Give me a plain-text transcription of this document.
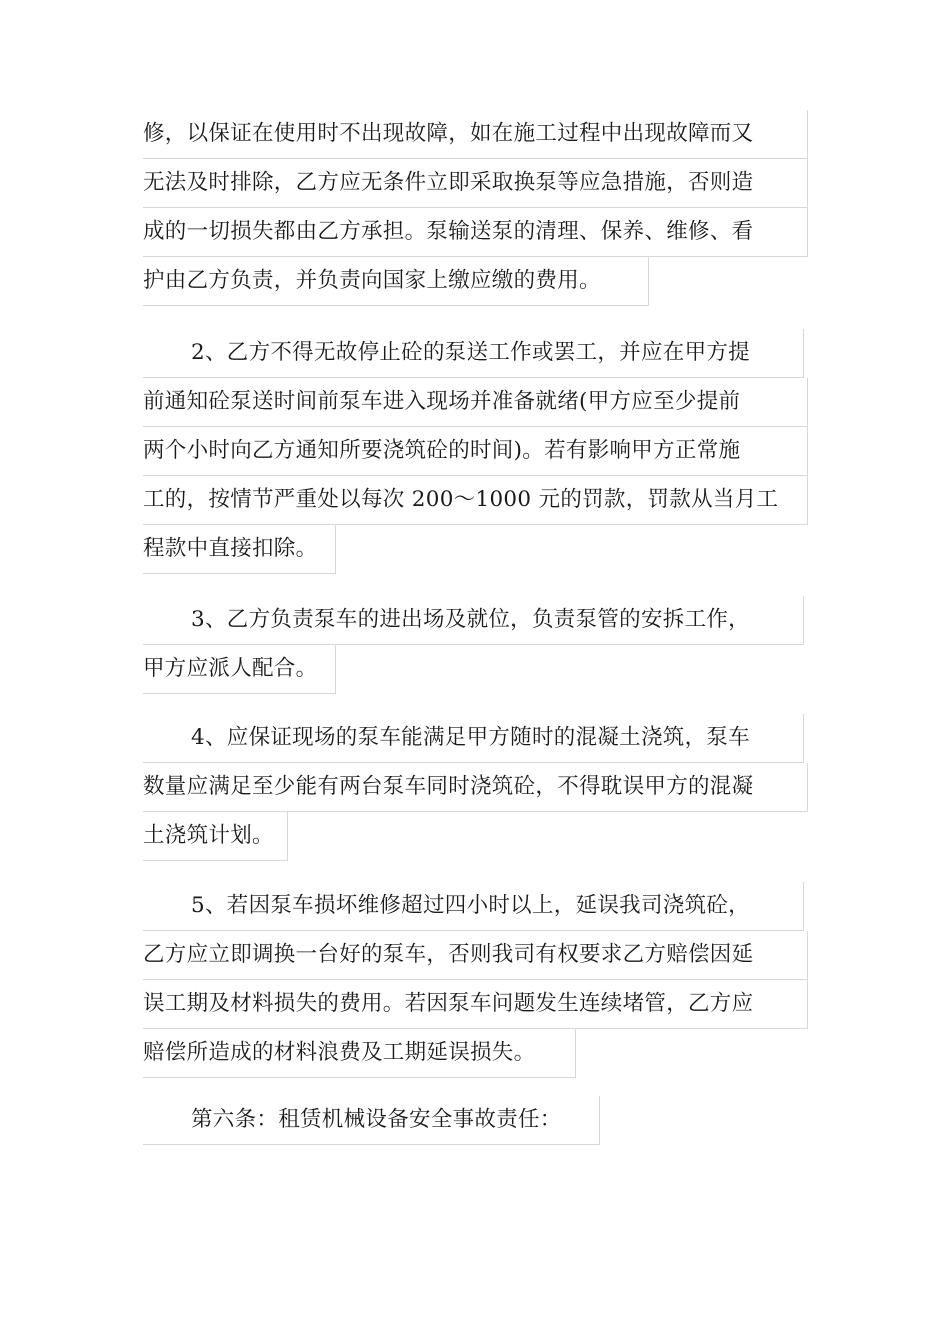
修，以保证在使用时不出现故障，如在施工过程中出现故障而又
无法及时排除，乙方应无条件立即采取换泵等应急措施，否则造
成的一切损失都由乙方承担。泵输送泵的清理、保养、维修、看
护由乙方负责，并负责向国家上缴应缴的费用。
2、乙方不得无故停止砼的泵送工作或罢工，并应在甲方提
前通知砼泵送时间前泵车进入现场并准备就绪(甲方应至少提前
两个小时向乙方通知所要浇筑砼的时间)。若有影响甲方正常施
工的，按情节严重处以每次 200～1000 元的罚款，罚款从当月工
程款中直接扣除。
3、乙方负责泵车的进出场及就位，负责泵管的安拆工作，
甲方应派人配合。
4、应保证现场的泵车能满足甲方随时的混凝土浇筑，泵车
数量应满足至少能有两台泵车同时浇筑砼，不得耽误甲方的混凝
土浇筑计划。
5、若因泵车损坏维修超过四小时以上，延误我司浇筑砼，
乙方应立即调换一台好的泵车，否则我司有权要求乙方赔偿因延
误工期及材料损失的费用。若因泵车问题发生连续堵管，乙方应
赔偿所造成的材料浪费及工期延误损失。
第六条：租赁机械设备安全事故责任：
